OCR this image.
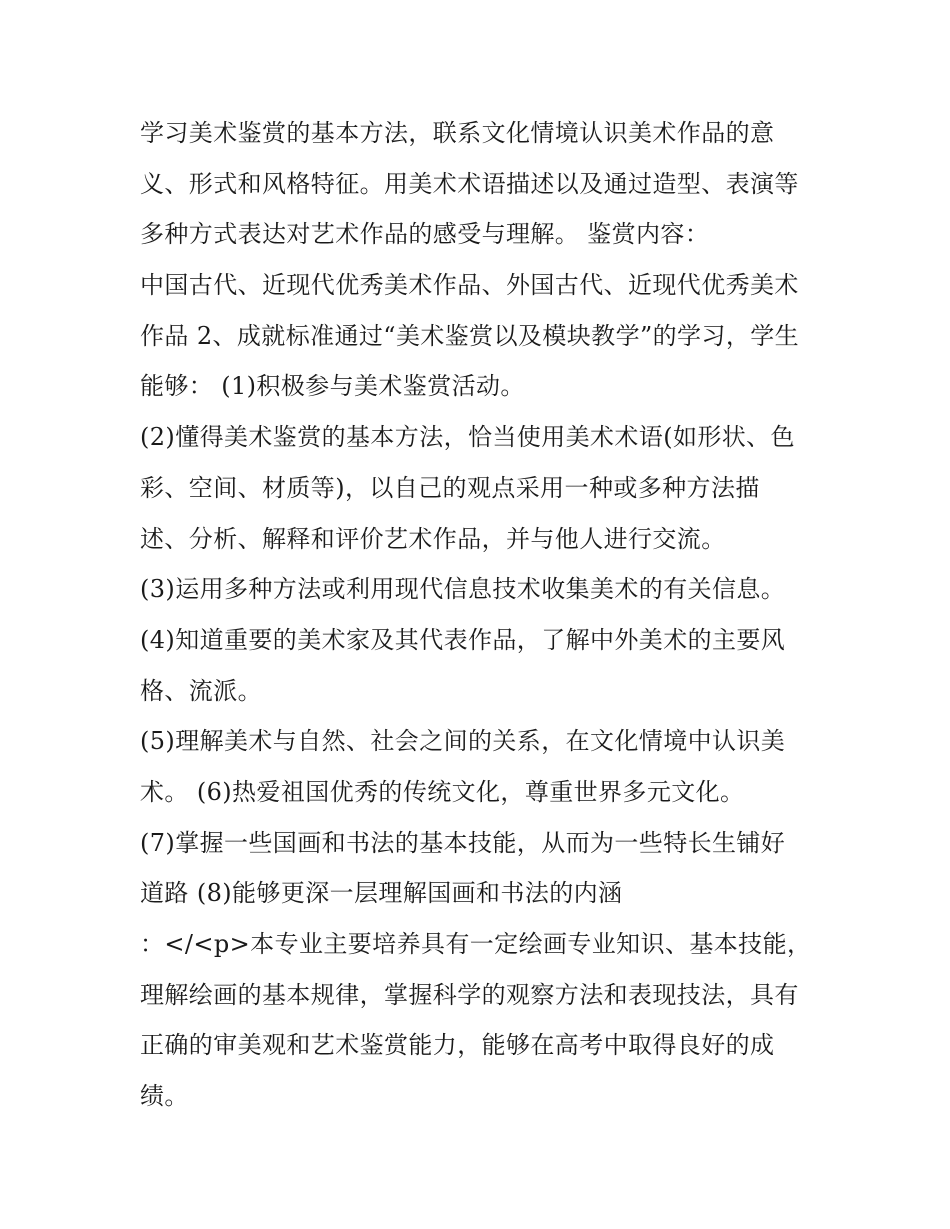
学习美术鉴赏的基本方法，联系文化情境认识美术作品的意
义、形式和风格特征。用美术术语描述以及通过造型、表演等
多种方式表达对艺术作品的感受与理解。 鉴赏内容：
中国古代、近现代优秀美术作品、外国古代、近现代优秀美术
作品 2、成就标准通过“美术鉴赏以及模块教学”的学习，学生
能够： (1)积极参与美术鉴赏活动。
(2)懂得美术鉴赏的基本方法，恰当使用美术术语(如形状、色
彩、空间、材质等)，以自己的观点采用一种或多种方法描
述、分析、解释和评价艺术作品，并与他人进行交流。
(3)运用多种方法或利用现代信息技术收集美术的有关信息。
(4)知道重要的美术家及其代表作品，了解中外美术的主要风
格、流派。
(5)理解美术与自然、社会之间的关系，在文化情境中认识美
术。 (6)热爱祖国优秀的传统文化，尊重世界多元文化。
(7)掌握一些国画和书法的基本技能，从而为一些特长生铺好
道路 (8)能够更深一层理解国画和书法的内涵
：</<p>本专业主要培养具有一定绘画专业知识、基本技能，
理解绘画的基本规律，掌握科学的观察方法和表现技法，具有
正确的审美观和艺术鉴赏能力，能够在高考中取得良好的成
绩。
